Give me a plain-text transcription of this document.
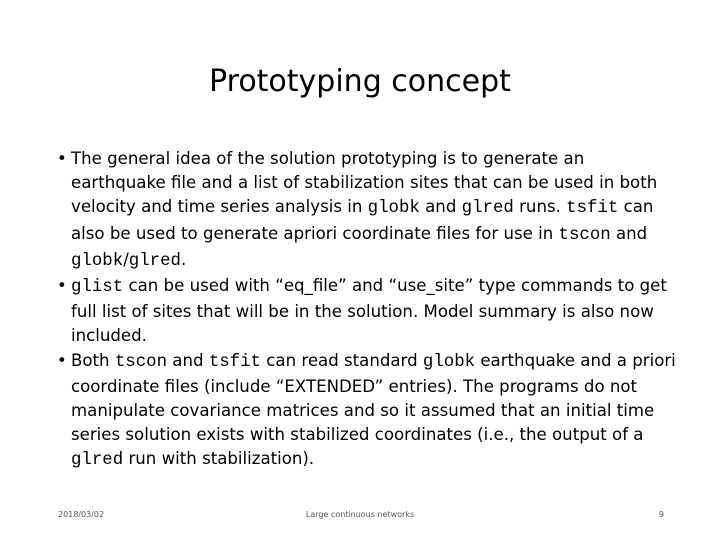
Prototyping concept

• The general idea of the solution prototyping is to generate an earthquake file and a list of stabilization sites that can be used in both velocity and time series analysis in globk and glred runs. tsfit can also be used to generate apriori coordinate files for use in tscon and globk/glred.

• glist can be used with “eq_file” and “use_site” type commands to get full list of sites that will be in the solution. Model summary is also now included.

• Both tscon and tsfit can read standard globk earthquake and a priori coordinate files (include “EXTENDED” entries). The programs do not manipulate covariance matrices and so it assumed that an initial time series solution exists with stabilized coordinates (i.e., the output of a glred run with stabilization).

2018/03/02	Large continuous networks	9
